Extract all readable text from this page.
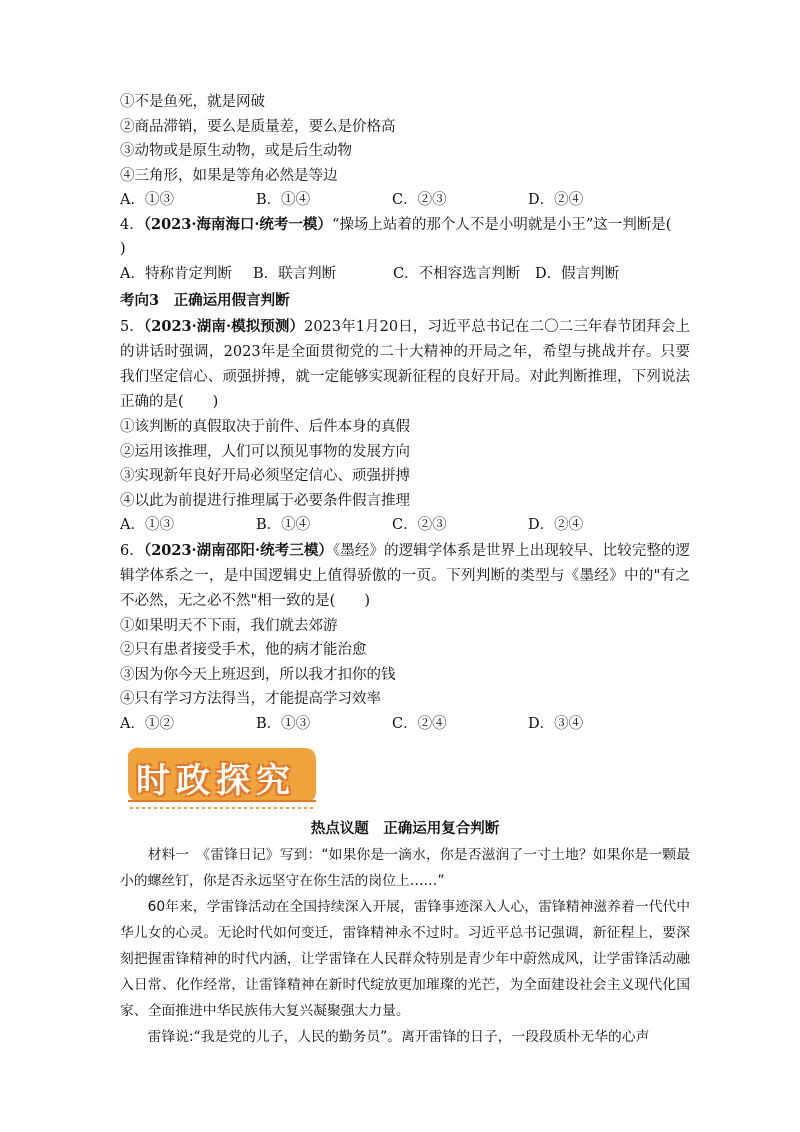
①不是鱼死，就是网破
②商品滞销，要么是质量差，要么是价格高
③动物或是原生动物，或是后生动物
④三角形，如果是等角必然是等边
A．①③	B．①④	C．②③	D．②④
4．（2023·海南海口·统考一模）“操场上站着的那个人不是小明就是小王”这一判断是(
)
A．特称肯定判断	B．联言判断	C．不相容选言判断	D．假言判断
考向3　正确运用假言判断
5．（2023·湖南·模拟预测）2023年1月20日，习近平总书记在二〇二三年春节团拜会上的讲话时强调，2023年是全面贯彻党的二十大精神的开局之年，希望与挑战并存。只要我们坚定信心、顽强拼搏，就一定能够实现新征程的良好开局。对此判断推理，下列说法正确的是(　　)
①该判断的真假取决于前件、后件本身的真假
②运用该推理，人们可以预见事物的发展方向
③实现新年良好开局必须坚定信心、顽强拼搏
④以此为前提进行推理属于必要条件假言推理
A．①③	B．①④	C．②③	D．②④
6．（2023·湖南邵阳·统考三模）《墨经》的逻辑学体系是世界上出现较早、比较完整的逻辑学体系之一，是中国逻辑史上值得骄傲的一页。下列判断的类型与《墨经》中的"有之不必然，无之必不然"相一致的是(　　)
①如果明天不下雨，我们就去郊游
②只有患者接受手术，他的病才能治愈
③因为你今天上班迟到，所以我才扣你的钱
④只有学习方法得当，才能提高学习效率
A．①②	B．①③	C．②④	D．③④
时政探究
热点议题　正确运用复合判断
材料一　《雷锋日记》写到：“如果你是一滴水，你是否滋润了一寸土地？如果你是一颗最小的螺丝钉，你是否永远坚守在你生活的岗位上……”
60年来，学雷锋活动在全国持续深入开展，雷锋事迹深入人心，雷锋精神滋养着一代代中华儿女的心灵。无论时代如何变迁，雷锋精神永不过时。习近平总书记强调，新征程上，要深刻把握雷锋精神的时代内涵，让学雷锋在人民群众特别是青少年中蔚然成风，让学雷锋活动融入日常、化作经常，让雷锋精神在新时代绽放更加璀璨的光芒，为全面建设社会主义现代化国家、全面推进中华民族伟大复兴凝聚强大力量。
雷锋说:“我是党的儿子，人民的勤务员”。离开雷锋的日子，一段段质朴无华的心声
